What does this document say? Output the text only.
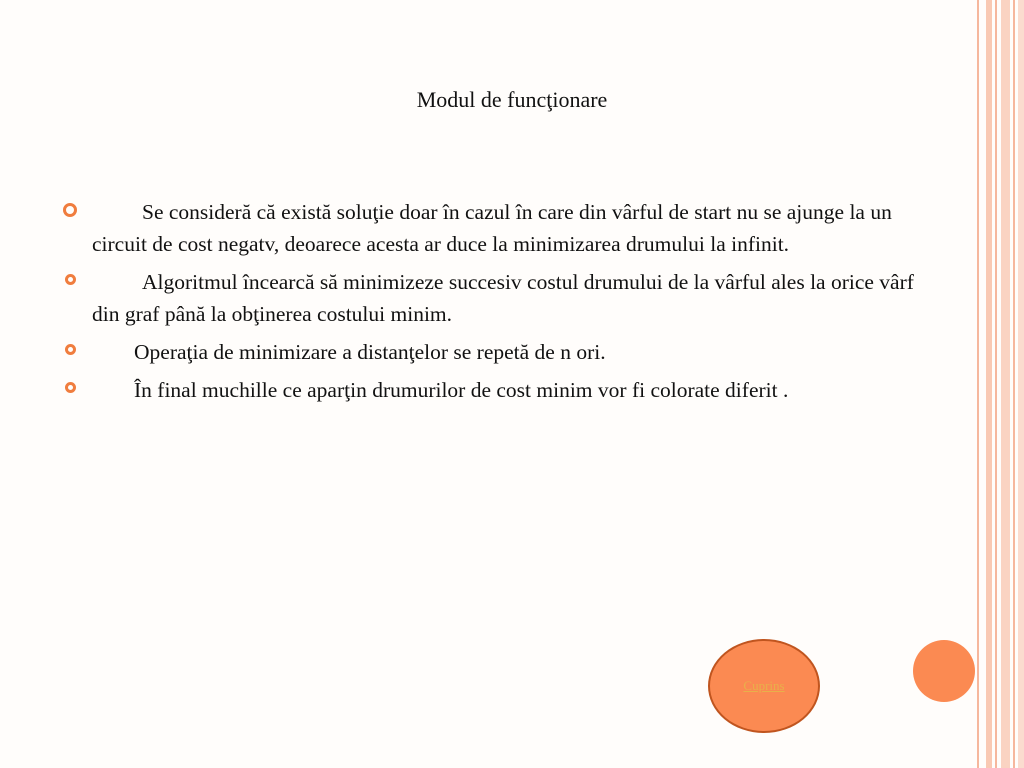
Modul de funcţionare
Se consideră că există soluţie doar în cazul în care din vârful de start nu se ajunge la un circuit de cost negatv, deoarece acesta ar duce la minimizarea drumului la infinit.
Algoritmul încearcă să minimizeze succesiv costul drumului de la vârful ales la orice vârf din graf până la obţinerea costului minim.
Operaţia de minimizare a distanţelor se repetă de n ori.
În final muchille ce aparţin drumurilor de cost minim vor fi colorate diferit .
Cuprins
